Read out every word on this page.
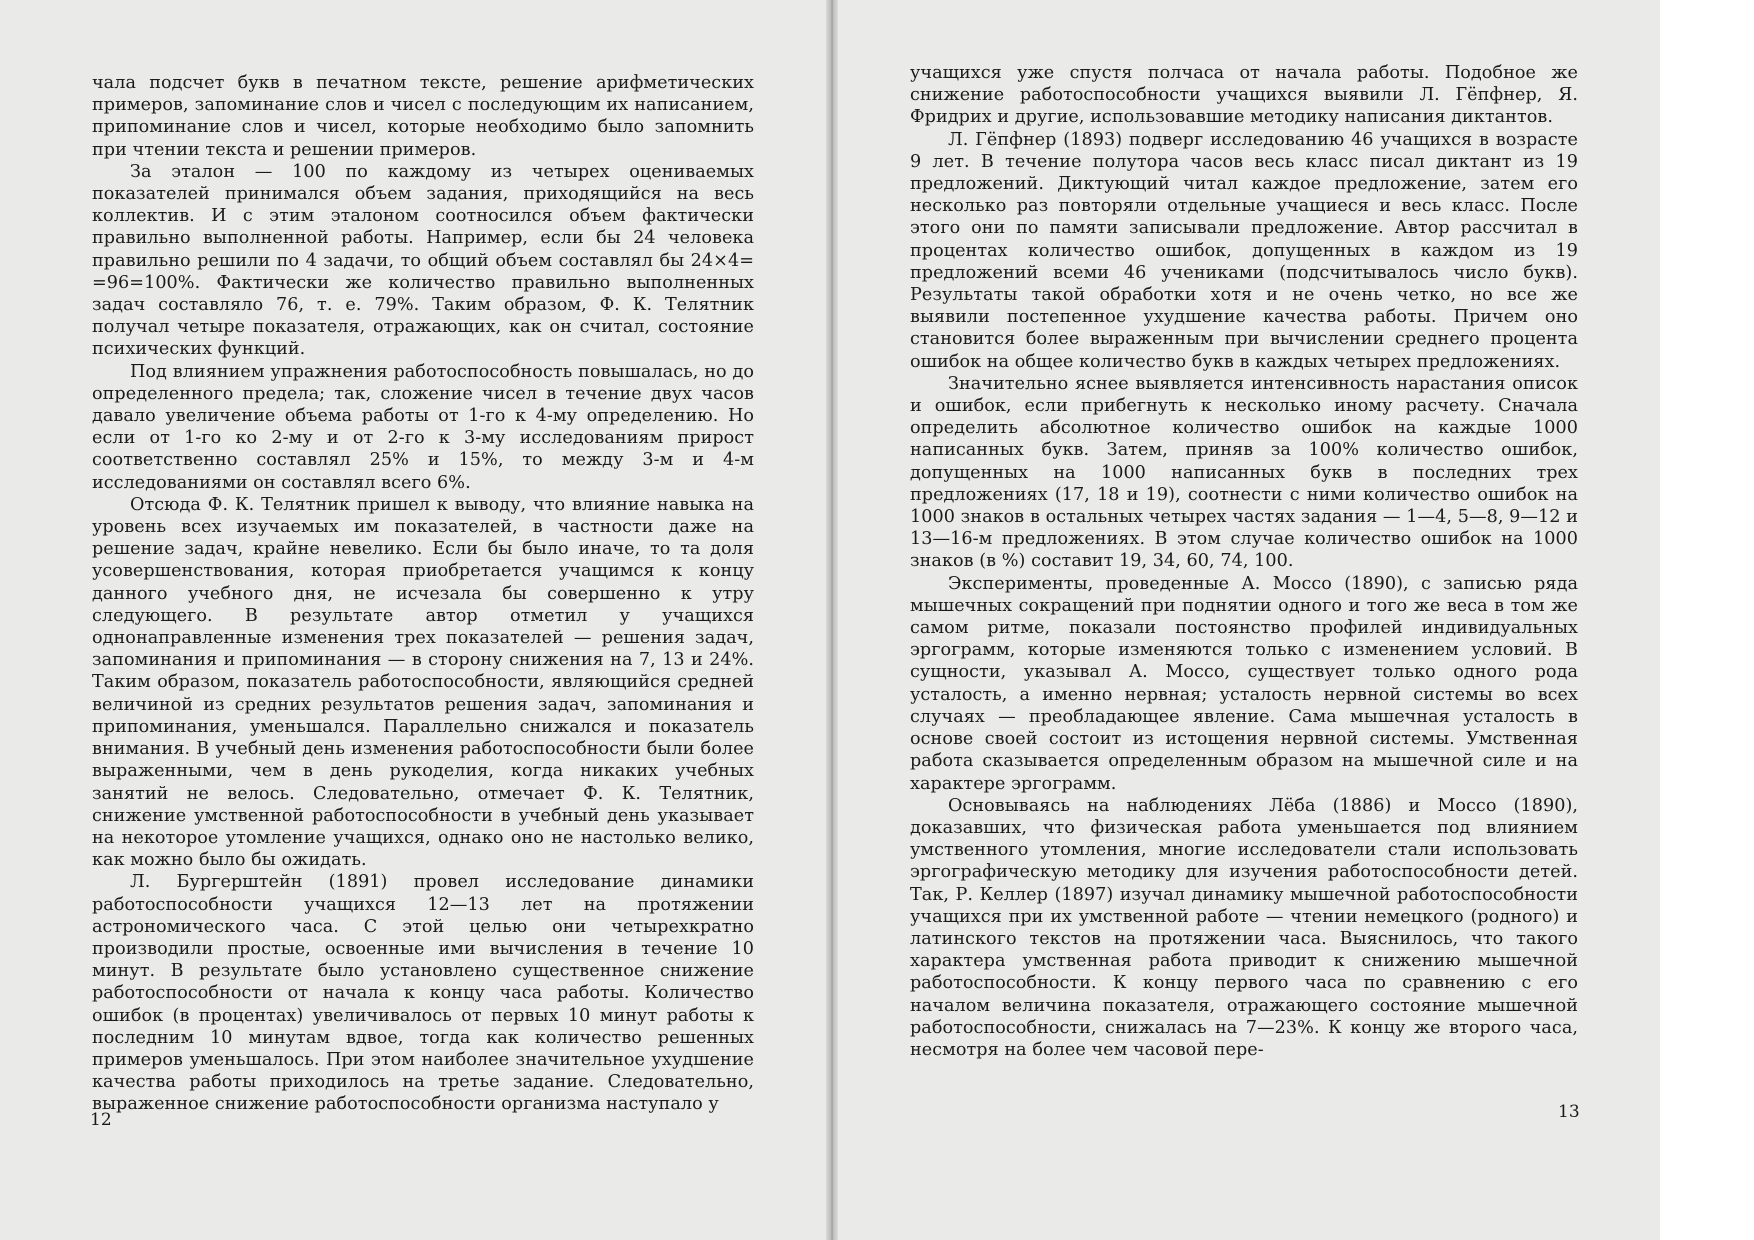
чала подсчет букв в печатном тексте, решение арифметических примеров, запоминание слов и чисел с последующим их написанием, припоминание слов и чисел, которые необходимо было запомнить при чтении текста и решении примеров.

За эталон — 100 по каждому из четырех оцениваемых показателей принимался объем задания, приходящийся на весь коллектив. И с этим эталоном соотносился объем фактически правильно выполненной работы. Например, если бы 24 человека правильно решили по 4 задачи, то общий объем составлял бы 24×4= =96=100%. Фактически же количество правильно выполненных задач составляло 76, т. е. 79%. Таким образом, Ф. К. Телятник получал четыре показателя, отражающих, как он считал, состояние психических функций.

Под влиянием упражнения работоспособность повышалась, но до определенного предела; так, сложение чисел в течение двух часов давало увеличение объема работы от 1-го к 4-му определению. Но если от 1-го ко 2-му и от 2-го к 3-му исследованиям прирост соответственно составлял 25% и 15%, то между 3-м и 4-м исследованиями он составлял всего 6%.

Отсюда Ф. К. Телятник пришел к выводу, что влияние навыка на уровень всех изучаемых им показателей, в частности даже на решение задач, крайне невелико. Если бы было иначе, то та доля усовершенствования, которая приобретается учащимся к концу данного учебного дня, не исчезала бы совершенно к утру следующего. В результате автор отметил у учащихся однонаправленные изменения трех показателей — решения задач, запоминания и припоминания — в сторону снижения на 7, 13 и 24%. Таким образом, показатель работоспособности, являющийся средней величиной из средних результатов решения задач, запоминания и припоминания, уменьшался. Параллельно снижался и показатель внимания. В учебный день изменения работоспособности были более выраженными, чем в день рукоделия, когда никаких учебных занятий не велось. Следовательно, отмечает Ф. К. Телятник, снижение умственной работоспособности в учебный день указывает на некоторое утомление учащихся, однако оно не настолько велико, как можно было бы ожидать.

Л. Бургерштейн (1891) провел исследование динамики работоспособности учащихся 12—13 лет на протяжении астрономического часа. С этой целью они четырехкратно производили простые, освоенные ими вычисления в течение 10 минут. В результате было установлено существенное снижение работоспособности от начала к концу часа работы. Количество ошибок (в процентах) увеличивалось от первых 10 минут работы к последним 10 минутам вдвое, тогда как количество решенных примеров уменьшалось. При этом наиболее значительное ухудшение качества работы приходилось на третье задание. Следовательно, выраженное снижение работоспособности организма наступало у

12

учащихся уже спустя полчаса от начала работы. Подобное же снижение работоспособности учащихся выявили Л. Гёпфнер, Я. Фридрих и другие, использовавшие методику написания диктантов.

Л. Гёпфнер (1893) подверг исследованию 46 учащихся в возрасте 9 лет. В течение полутора часов весь класс писал диктант из 19 предложений. Диктующий читал каждое предложение, затем его несколько раз повторяли отдельные учащиеся и весь класс. После этого они по памяти записывали предложение. Автор рассчитал в процентах количество ошибок, допущенных в каждом из 19 предложений всеми 46 учениками (подсчитывалось число букв). Результаты такой обработки хотя и не очень четко, но все же выявили постепенное ухудшение качества работы. Причем оно становится более выраженным при вычислении среднего процента ошибок на общее количество букв в каждых четырех предложениях.

Значительно яснее выявляется интенсивность нарастания описок и ошибок, если прибегнуть к несколько иному расчету. Сначала определить абсолютное количество ошибок на каждые 1000 написанных букв. Затем, приняв за 100% количество ошибок, допущенных на 1000 написанных букв в последних трех предложениях (17, 18 и 19), соотнести с ними количество ошибок на 1000 знаков в остальных четырех частях задания — 1—4, 5—8, 9—12 и 13—16-м предложениях. В этом случае количество ошибок на 1000 знаков (в %) составит 19, 34, 60, 74, 100.

Эксперименты, проведенные А. Моссо (1890), с записью ряда мышечных сокращений при поднятии одного и того же веса в том же самом ритме, показали постоянство профилей индивидуальных эргограмм, которые изменяются только с изменением условий. В сущности, указывал А. Моссо, существует только одного рода усталость, а именно нервная; усталость нервной системы во всех случаях — преобладающее явление. Сама мышечная усталость в основе своей состоит из истощения нервной системы. Умственная работа сказывается определенным образом на мышечной силе и на характере эргограмм.

Основываясь на наблюдениях Лёба (1886) и Моссо (1890), доказавших, что физическая работа уменьшается под влиянием умственного утомления, многие исследователи стали использовать эргографическую методику для изучения работоспособности детей. Так, Р. Келлер (1897) изучал динамику мышечной работоспособности учащихся при их умственной работе — чтении немецкого (родного) и латинского текстов на протяжении часа. Выяснилось, что такого характера умственная работа приводит к снижению мышечной работоспособности. К концу первого часа по сравнению с его началом величина показателя, отражающего состояние мышечной работоспособности, снижалась на 7—23%. К концу же второго часа, несмотря на более чем часовой пере-

13
